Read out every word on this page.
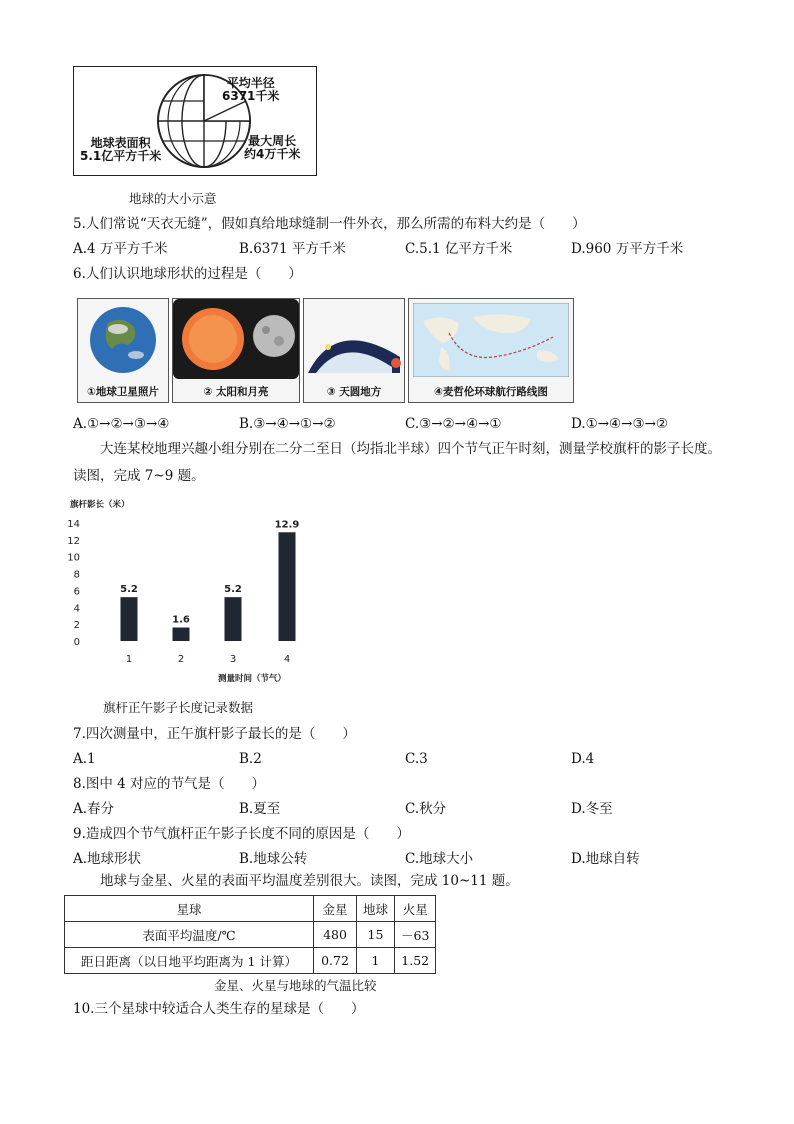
平均半径
6371千米
地球表面积
5.1亿平方千米
最大周长
约4万千米
地球的大小示意
5.人们常说“天衣无缝”，假如真给地球缝制一件外衣，那么所需的布料大约是（　　）
A.4 万平方千米	B.6371 平方千米	C.5.1 亿平方千米	D.960 万平方千米
6.人们认识地球形状的过程是（　　）
①地球卫星照片	② 太阳和月亮	③ 天圆地方	④麦哲伦环球航行路线图
A.①→②→③→④	B.③→④→①→②	C.③→②→④→①	D.①→④→③→②
大连某校地理兴趣小组分别在二分二至日（均指北半球）四个节气正午时刻，测量学校旗杆的影子长度。读图，完成 7~9 题。
旗杆影长（米）
0
2
4
6
8
10
12
14
5.2
1
1.6
2
5.2
3
12.9
4
测量时间（节气）
旗杆正午影子长度记录数据
7.四次测量中，正午旗杆影子最长的是（　　）
A.1	B.2	C.3	D.4
8.图中 4 对应的节气是（　　）
A.春分	B.夏至	C.秋分	D.冬至
9.造成四个节气旗杆正午影子长度不同的原因是（　　）
A.地球形状	B.地球公转	C.地球大小	D.地球自转
地球与金星、火星的表面平均温度差别很大。读图，完成 10~11 题。
星球	金星	地球	火星
表面平均温度/℃	480	15	－63
距日距离（以日地平均距离为 1 计算）	0.72	1	1.52
金星、火星与地球的气温比较
10.三个星球中较适合人类生存的星球是（　　）
